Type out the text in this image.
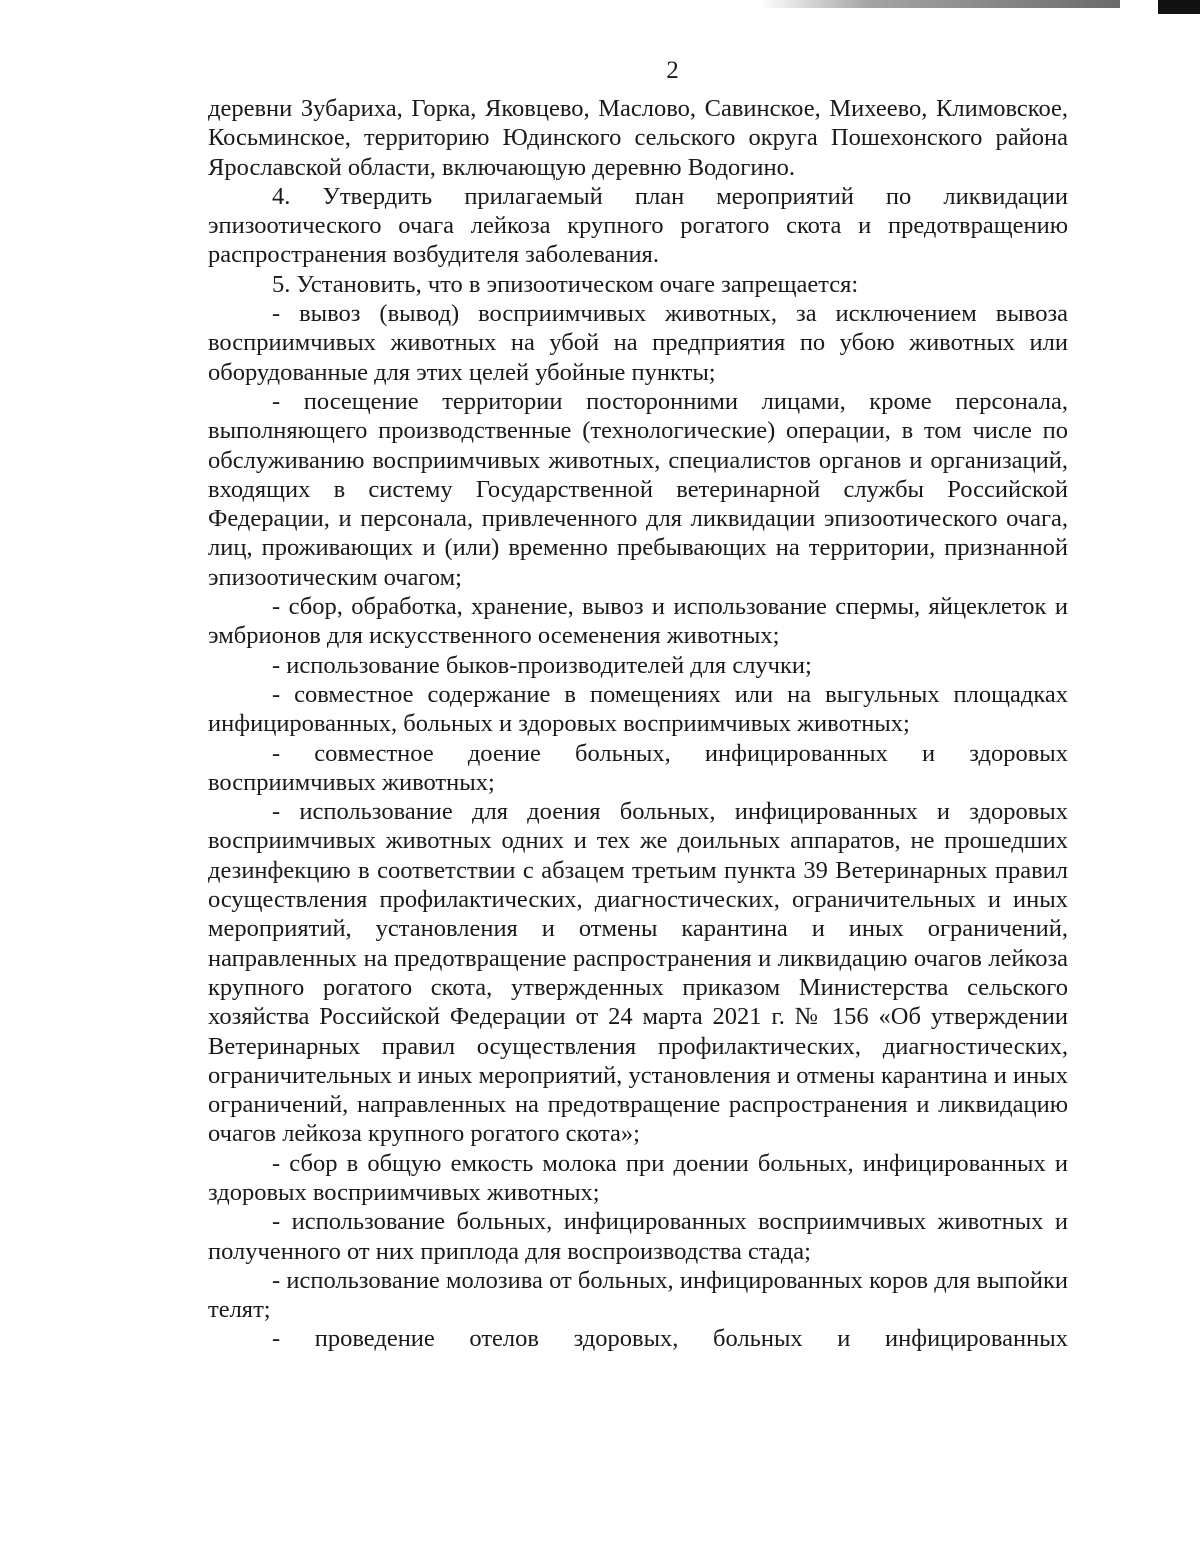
2

деревни Зубариха, Горка, Яковцево, Маслово, Савинское, Михеево, Климовское, Косьминское, территорию Юдинского сельского округа Пошехонского района Ярославской области, включающую деревню Водогино.

4. Утвердить прилагаемый план мероприятий по ликвидации эпизоотического очага лейкоза крупного рогатого скота и предотвращению распространения возбудителя заболевания.

5. Установить, что в эпизоотическом очаге запрещается:

- вывоз (вывод) восприимчивых животных, за исключением вывоза восприимчивых животных на убой на предприятия по убою животных или оборудованные для этих целей убойные пункты;

- посещение территории посторонними лицами, кроме персонала, выполняющего производственные (технологические) операции, в том числе по обслуживанию восприимчивых животных, специалистов органов и организаций, входящих в систему Государственной ветеринарной службы Российской Федерации, и персонала, привлеченного для ликвидации эпизоотического очага, лиц, проживающих и (или) временно пребывающих на территории, признанной эпизоотическим очагом;

- сбор, обработка, хранение, вывоз и использование спермы, яйцеклеток и эмбрионов для искусственного осеменения животных;

- использование быков-производителей для случки;

- совместное содержание в помещениях или на выгульных площадках инфицированных, больных и здоровых восприимчивых животных;

- совместное доение больных, инфицированных и здоровых восприимчивых животных;

- использование для доения больных, инфицированных и здоровых восприимчивых животных одних и тех же доильных аппаратов, не прошедших дезинфекцию в соответствии с абзацем третьим пункта 39 Ветеринарных правил осуществления профилактических, диагностических, ограничительных и иных мероприятий, установления и отмены карантина и иных ограничений, направленных на предотвращение распространения и ликвидацию очагов лейкоза крупного рогатого скота, утвержденных приказом Министерства сельского хозяйства Российской Федерации от 24 марта 2021 г. № 156 «Об утверждении Ветеринарных правил осуществления профилактических, диагностических, ограничительных и иных мероприятий, установления и отмены карантина и иных ограничений, направленных на предотвращение распространения и ликвидацию очагов лейкоза крупного рогатого скота»;

- сбор в общую емкость молока при доении больных, инфицированных и здоровых восприимчивых животных;

- использование больных, инфицированных восприимчивых животных и полученного от них приплода для воспроизводства стада;

- использование молозива от больных, инфицированных коров для выпойки телят;

- проведение отелов здоровых, больных и инфицированных
